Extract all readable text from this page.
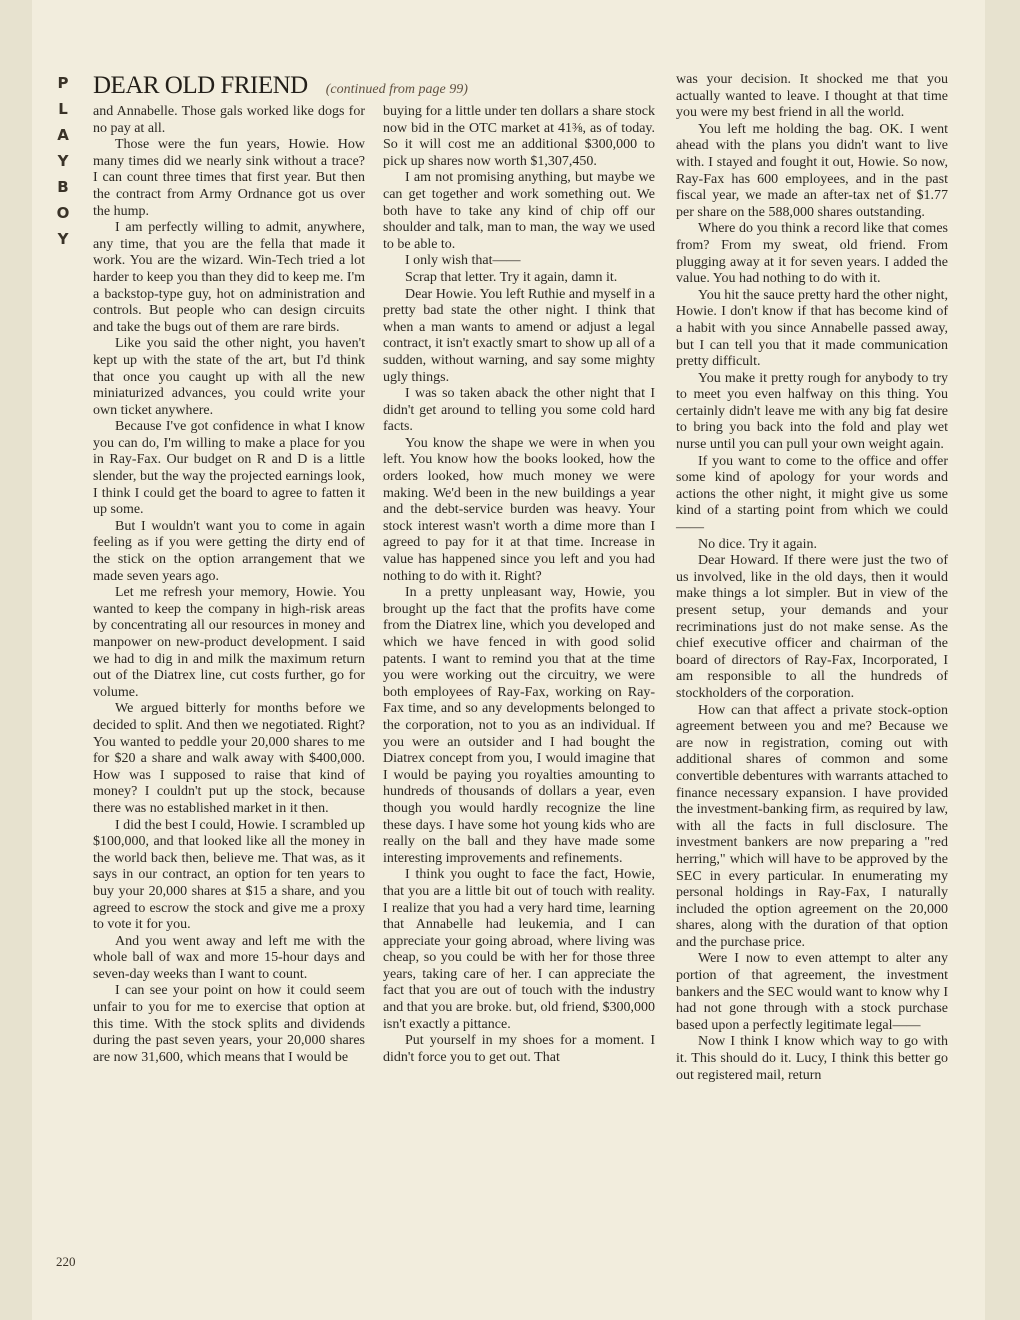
P
L
A
Y
B
O
Y
DEAR OLD FRIEND (continued from page 99)

and Annabelle. Those gals worked like dogs for no pay at all.

Those were the fun years, Howie. How many times did we nearly sink without a trace? I can count three times that first year. But then the contract from Army Ordnance got us over the hump.

I am perfectly willing to admit, anywhere, any time, that you are the fella that made it work. You are the wizard. Win-Tech tried a lot harder to keep you than they did to keep me. I'm a backstop-type guy, hot on administration and controls. But people who can design circuits and take the bugs out of them are rare birds.

Like you said the other night, you haven't kept up with the state of the art, but I'd think that once you caught up with all the new miniaturized advances, you could write your own ticket anywhere.

Because I've got confidence in what I know you can do, I'm willing to make a place for you in Ray-Fax. Our budget on R and D is a little slender, but the way the projected earnings look, I think I could get the board to agree to fatten it up some.

But I wouldn't want you to come in again feeling as if you were getting the dirty end of the stick on the option arrangement that we made seven years ago.

Let me refresh your memory, Howie. You wanted to keep the company in high-risk areas by concentrating all our resources in money and manpower on new-product development. I said we had to dig in and milk the maximum return out of the Diatrex line, cut costs further, go for volume.

We argued bitterly for months before we decided to split. And then we negotiated. Right? You wanted to peddle your 20,000 shares to me for $20 a share and walk away with $400,000. How was I supposed to raise that kind of money? I couldn't put up the stock, because there was no established market in it then.

I did the best I could, Howie. I scrambled up $100,000, and that looked like all the money in the world back then, believe me. That was, as it says in our contract, an option for ten years to buy your 20,000 shares at $15 a share, and you agreed to escrow the stock and give me a proxy to vote it for you.

And you went away and left me with the whole ball of wax and more 15-hour days and seven-day weeks than I want to count.

I can see your point on how it could seem unfair to you for me to exercise that option at this time. With the stock splits and dividends during the past seven years, your 20,000 shares are now 31,600, which means that I would be

buying for a little under ten dollars a share stock now bid in the OTC market at 41⅜, as of today. So it will cost me an additional $300,000 to pick up shares now worth $1,307,450.

I am not promising anything, but maybe we can get together and work something out. We both have to take any kind of chip off our shoulder and talk, man to man, the way we used to be able to.

I only wish that——

Scrap that letter. Try it again, damn it.

Dear Howie. You left Ruthie and myself in a pretty bad state the other night. I think that when a man wants to amend or adjust a legal contract, it isn't exactly smart to show up all of a sudden, without warning, and say some mighty ugly things.

I was so taken aback the other night that I didn't get around to telling you some cold hard facts.

You know the shape we were in when you left. You know how the books looked, how the orders looked, how much money we were making. We'd been in the new buildings a year and the debt-service burden was heavy. Your stock interest wasn't worth a dime more than I agreed to pay for it at that time. Increase in value has happened since you left and you had nothing to do with it. Right?

In a pretty unpleasant way, Howie, you brought up the fact that the profits have come from the Diatrex line, which you developed and which we have fenced in with good solid patents. I want to remind you that at the time you were working out the circuitry, we were both employees of Ray-Fax, working on Ray-Fax time, and so any developments belonged to the corporation, not to you as an individual. If you were an outsider and I had bought the Diatrex concept from you, I would imagine that I would be paying you royalties amounting to hundreds of thousands of dollars a year, even though you would hardly recognize the line these days. I have some hot young kids who are really on the ball and they have made some interesting improvements and refinements.

I think you ought to face the fact, Howie, that you are a little bit out of touch with reality. I realize that you had a very hard time, learning that Annabelle had leukemia, and I can appreciate your going abroad, where living was cheap, so you could be with her for those three years, taking care of her. I can appreciate the fact that you are out of touch with the industry and that you are broke. but, old friend, $300,000 isn't exactly a pittance.

Put yourself in my shoes for a moment. I didn't force you to get out. That

was your decision. It shocked me that you actually wanted to leave. I thought at that time you were my best friend in all the world.

You left me holding the bag. OK. I went ahead with the plans you didn't want to live with. I stayed and fought it out, Howie. So now, Ray-Fax has 600 employees, and in the past fiscal year, we made an after-tax net of $1.77 per share on the 588,000 shares outstanding.

Where do you think a record like that comes from? From my sweat, old friend. From plugging away at it for seven years. I added the value. You had nothing to do with it.

You hit the sauce pretty hard the other night, Howie. I don't know if that has become kind of a habit with you since Annabelle passed away, but I can tell you that it made communication pretty difficult.

You make it pretty rough for anybody to try to meet you even halfway on this thing. You certainly didn't leave me with any big fat desire to bring you back into the fold and play wet nurse until you can pull your own weight again.

If you want to come to the office and offer some kind of apology for your words and actions the other night, it might give us some kind of a starting point from which we could——

No dice. Try it again.

Dear Howard. If there were just the two of us involved, like in the old days, then it would make things a lot simpler. But in view of the present setup, your demands and your recriminations just do not make sense. As the chief executive officer and chairman of the board of directors of Ray-Fax, Incorporated, I am responsible to all the hundreds of stockholders of the corporation.

How can that affect a private stock-option agreement between you and me? Because we are now in registration, coming out with additional shares of common and some convertible debentures with warrants attached to finance necessary expansion. I have provided the investment-banking firm, as required by law, with all the facts in full disclosure. The investment bankers are now preparing a "red herring," which will have to be approved by the SEC in every particular. In enumerating my personal holdings in Ray-Fax, I naturally included the option agreement on the 20,000 shares, along with the duration of that option and the purchase price.

Were I now to even attempt to alter any portion of that agreement, the investment bankers and the SEC would want to know why I had not gone through with a stock purchase based upon a perfectly legitimate legal——

Now I think I know which way to go with it. This should do it. Lucy, I think this better go out registered mail, return

220
